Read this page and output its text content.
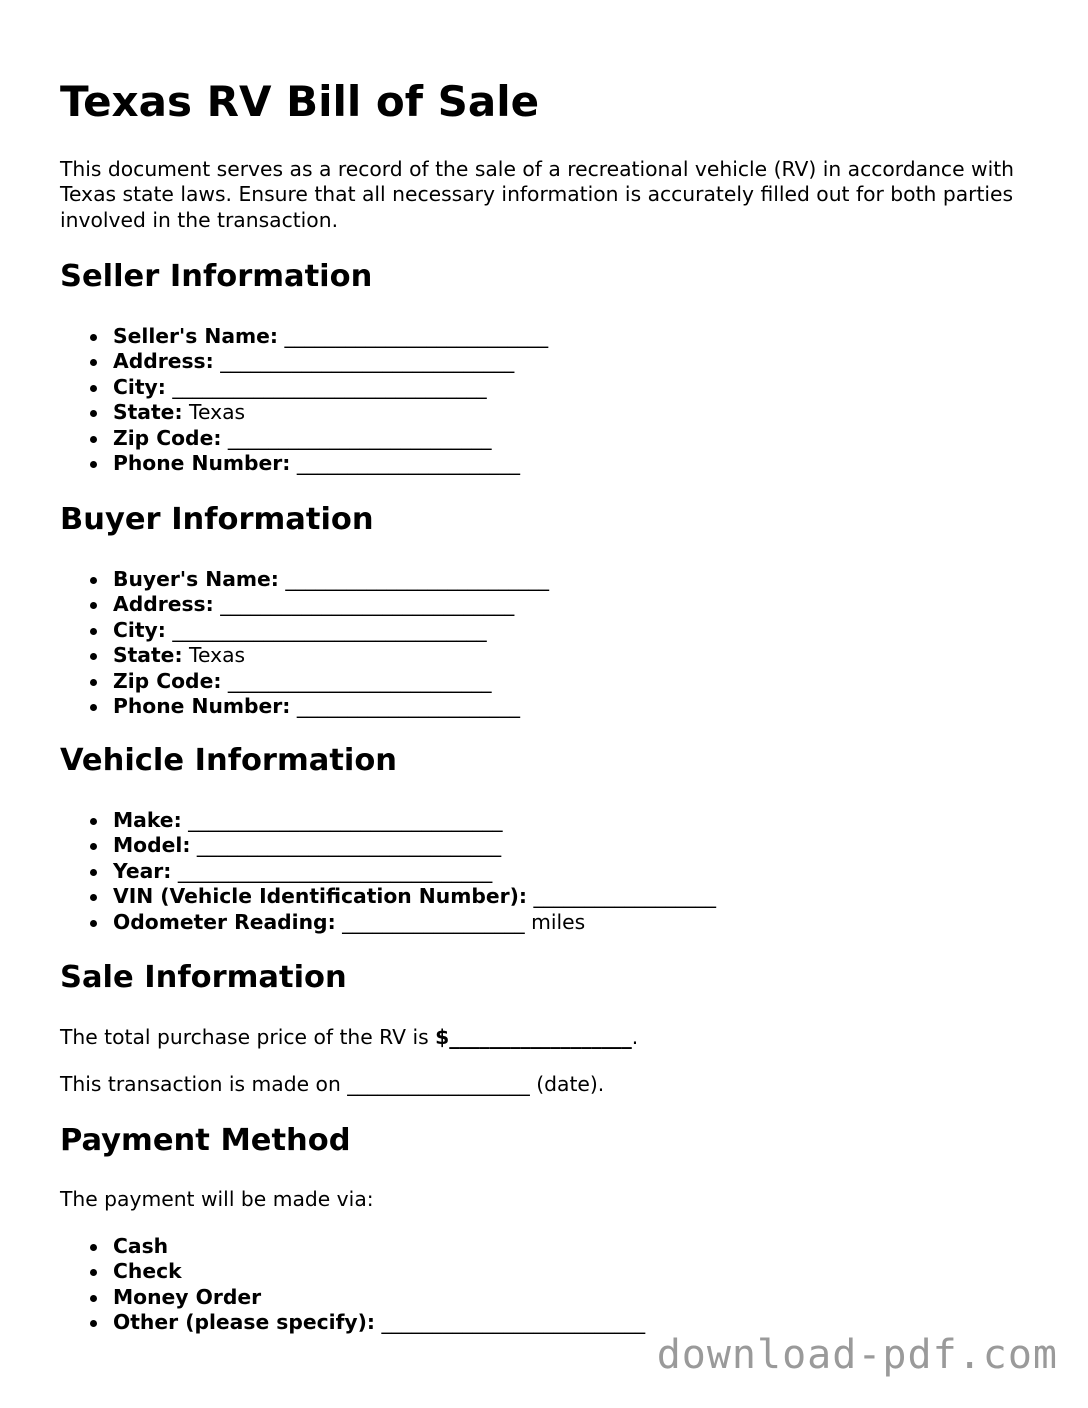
Texas RV Bill of Sale

This document serves as a record of the sale of a recreational vehicle (RV) in accordance with Texas state laws. Ensure that all necessary information is accurately filled out for both parties involved in the transaction.

Seller Information
Seller's Name: __________________________
Address: _____________________________
City: _______________________________
State: Texas
Zip Code: __________________________
Phone Number: ______________________
Buyer Information
Buyer's Name: __________________________
Address: _____________________________
City: _______________________________
State: Texas
Zip Code: __________________________
Phone Number: ______________________
Vehicle Information
Make: _______________________________
Model: ______________________________
Year: _______________________________
VIN (Vehicle Identification Number): __________________
Odometer Reading: __________________ miles
Sale Information

The total purchase price of the RV is $__________________.

This transaction is made on __________________ (date).

Payment Method

The payment will be made via:

Cash
Check
Money Order
Other (please specify): __________________________
download-pdf.com
